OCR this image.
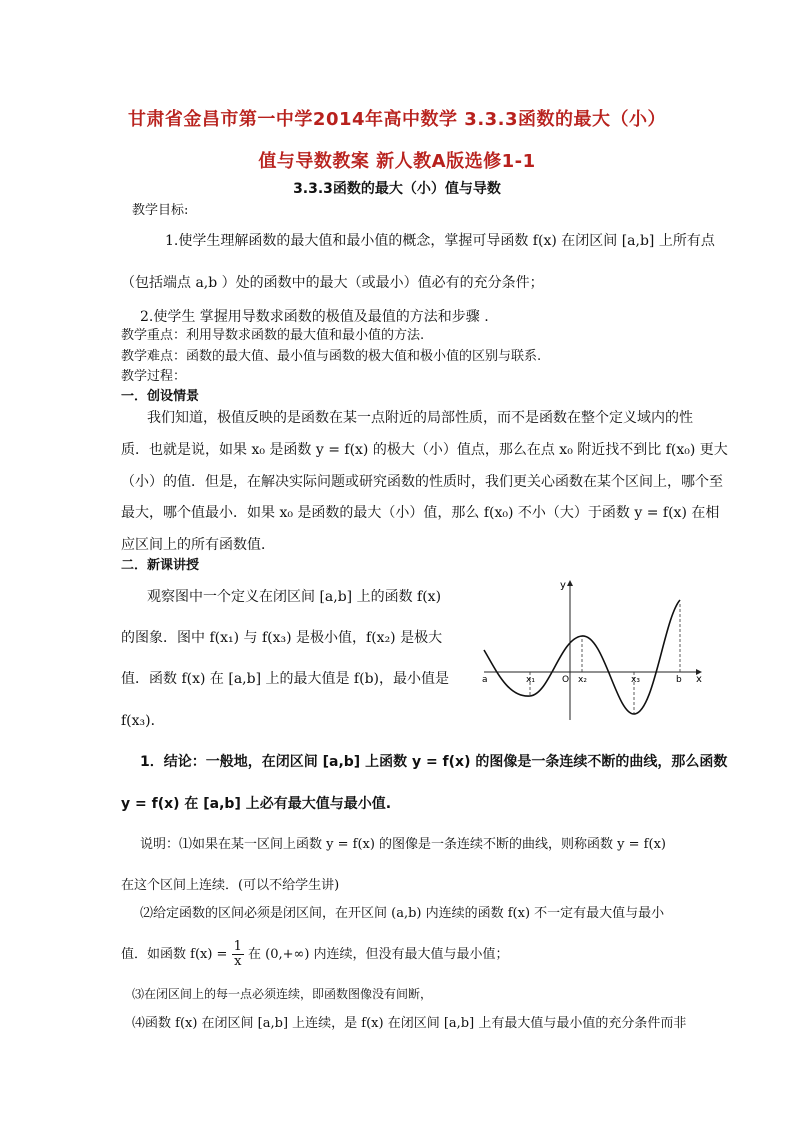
甘肃省金昌市第一中学2014年高中数学 3.3.3函数的最大（小）
值与导数教案 新人教A版选修1-1
3.3.3函数的最大（小）值与导数
教学目标:
1.使学生理解函数的最大值和最小值的概念，掌握可导函数 f(x) 在闭区间 [a,b] 上所有点
（包括端点 a,b ）处的函数中的最大（或最小）值必有的充分条件；
2.使学生 掌握用导数求函数的极值及最值的方法和步骤 .
教学重点：利用导数求函数的最大值和最小值的方法.
教学难点：函数的最大值、最小值与函数的极大值和极小值的区别与联系.
教学过程：
一．创设情景
我们知道，极值反映的是函数在某一点附近的局部性质，而不是函数在整个定义域内的性
质．也就是说，如果 x₀ 是函数 y = f(x) 的极大（小）值点，那么在点 x₀ 附近找不到比 f(x₀) 更大
（小）的值．但是，在解决实际问题或研究函数的性质时，我们更关心函数在某个区间上，哪个至
最大，哪个值最小．如果 x₀ 是函数的最大（小）值，那么 f(x₀) 不小（大）于函数 y = f(x) 在相
应区间上的所有函数值．
二．新课讲授
观察图中一个定义在闭区间 [a,b] 上的函数 f(x)
的图象．图中 f(x₁) 与 f(x₃) 是极小值，f(x₂) 是极大
值．函数 f(x) 在 [a,b] 上的最大值是 f(b)，最小值是
f(x₃)．
y
x
O
a	x₁	x₂	x₃	b
1．结论：一般地，在闭区间 [a,b] 上函数 y = f(x) 的图像是一条连续不断的曲线，那么函数
y = f(x) 在 [a,b] 上必有最大值与最小值.
说明：⑴如果在某一区间上函数 y = f(x) 的图像是一条连续不断的曲线，则称函数 y = f(x)
在这个区间上连续．(可以不给学生讲)
⑵给定函数的区间必须是闭区间，在开区间 (a,b) 内连续的函数 f(x) 不一定有最大值与最小
值．如函数 $f(x) = \frac{1}{x}$ 在 (0,+∞) 内连续，但没有最大值与最小值；
⑶在闭区间上的每一点必须连续，即函数图像没有间断，
⑷函数 f(x) 在闭区间 [a,b] 上连续，是 f(x) 在闭区间 [a,b] 上有最大值与最小值的充分条件而非
